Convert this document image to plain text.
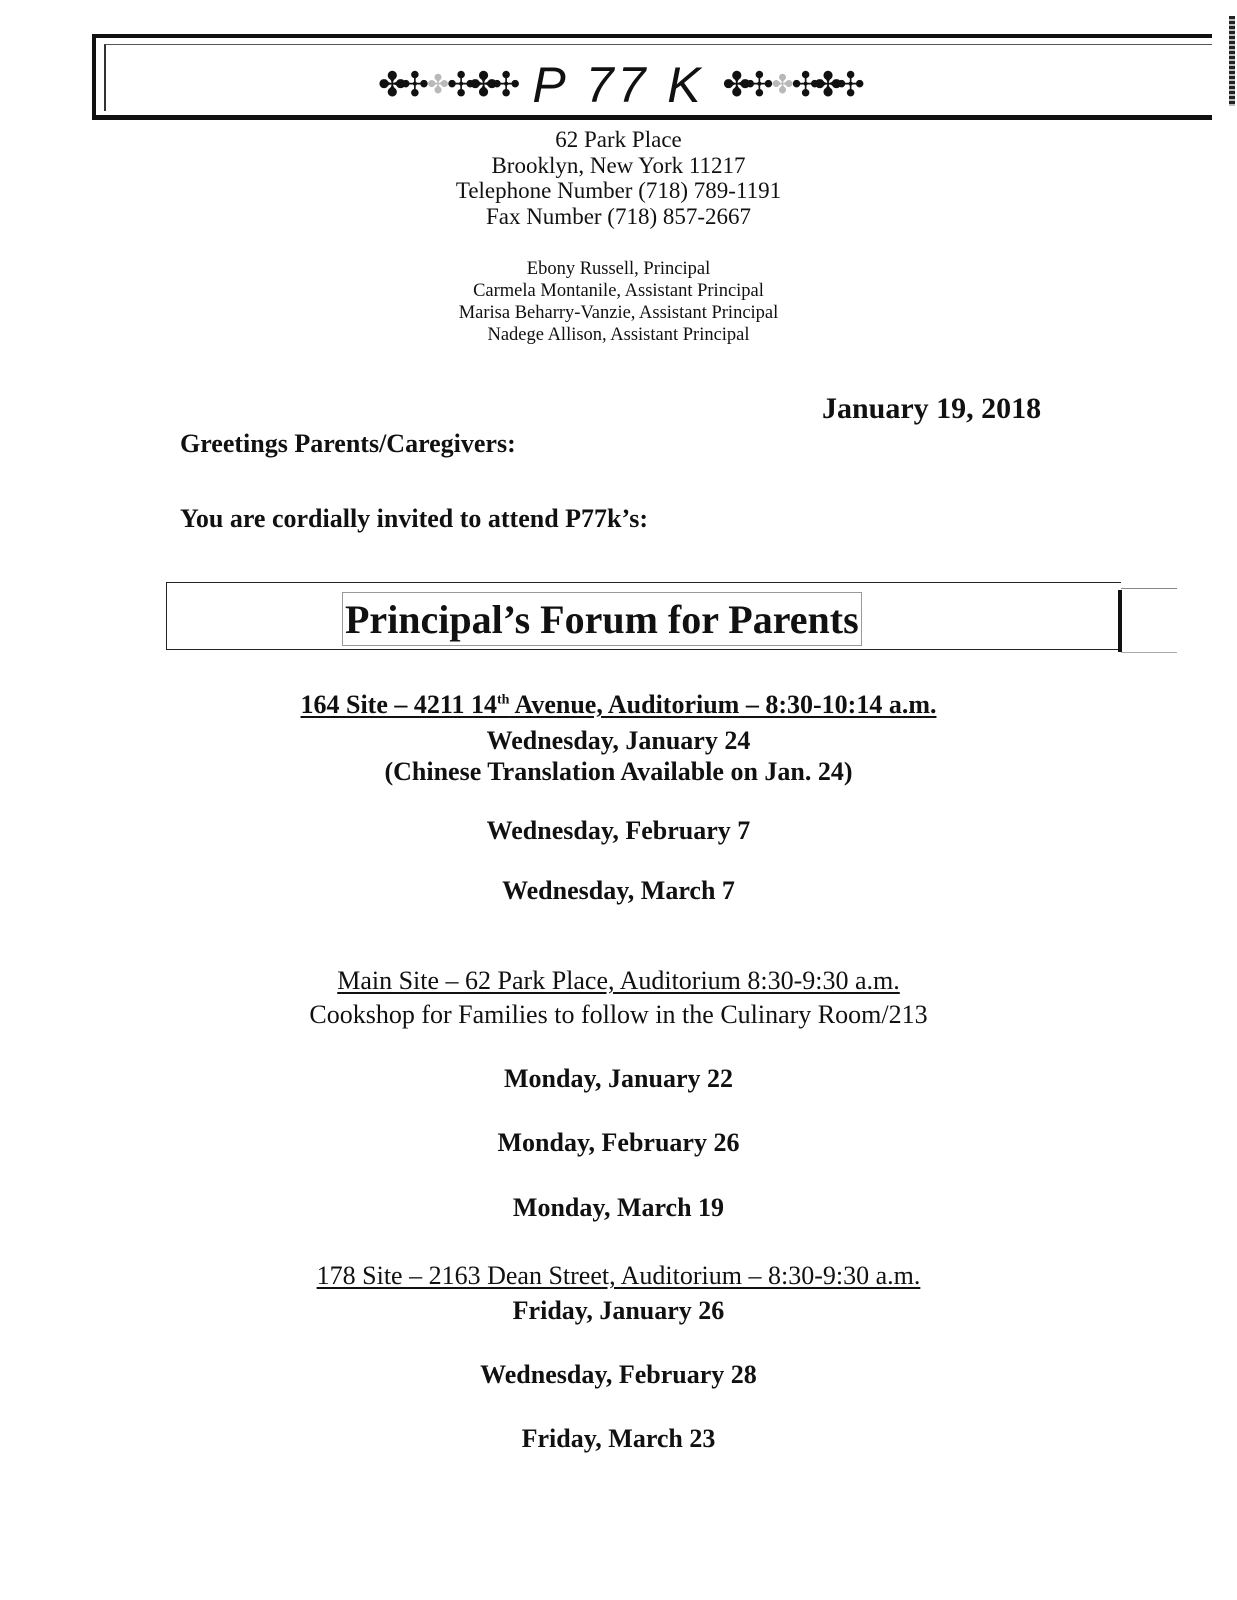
✤✣ ✤ ✣✤✣ P 77 K ✤✣ ✤ ✣✤✣
62 Park Place
Brooklyn, New York 11217
Telephone Number (718) 789-1191
Fax Number (718) 857-2667
Ebony Russell, Principal
Carmela Montanile, Assistant Principal
Marisa Beharry-Vanzie, Assistant Principal
Nadege Allison, Assistant Principal
January 19, 2018
Greetings Parents/Caregivers:
You are cordially invited to attend P77k’s:
Principal’s Forum for Parents
164 Site – 4211 14th Avenue, Auditorium – 8:30-10:14 a.m.
Wednesday, January 24
(Chinese Translation Available on Jan. 24)
Wednesday, February 7
Wednesday, March 7
Main Site – 62 Park Place, Auditorium 8:30-9:30 a.m.
Cookshop for Families to follow in the Culinary Room/213
Monday, January 22
Monday, February 26
Monday, March 19
178 Site – 2163 Dean Street, Auditorium – 8:30-9:30 a.m.
Friday, January 26
Wednesday, February 28
Friday, March 23
